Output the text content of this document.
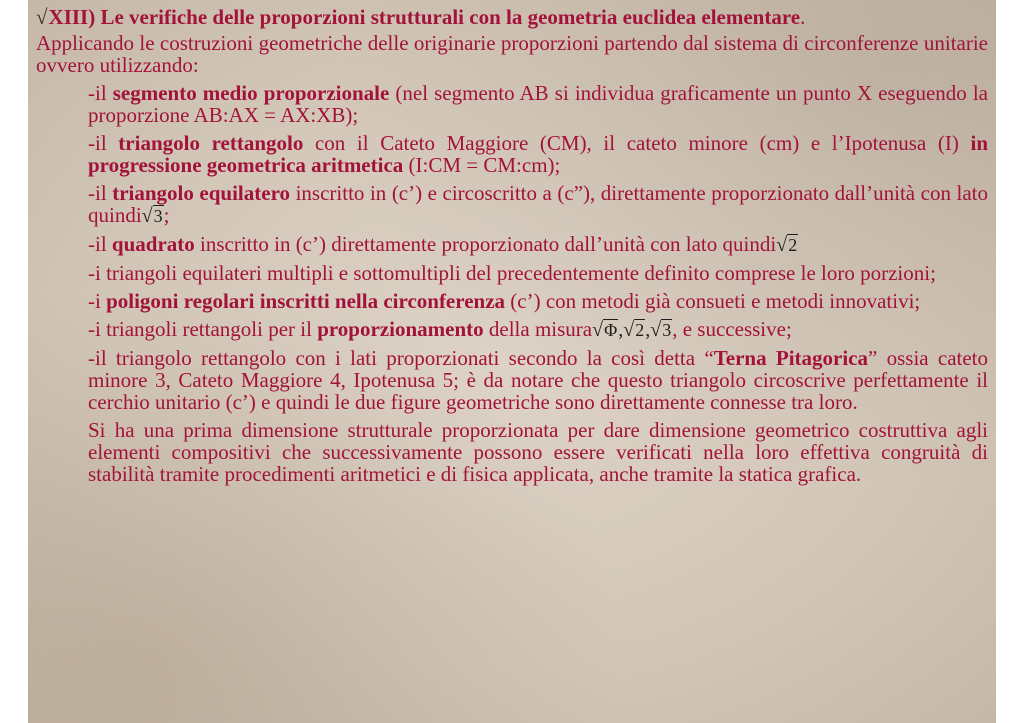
√XIII) Le verifiche delle proporzioni strutturali con la geometria euclidea elementare.

Applicando le costruzioni geometriche delle originarie proporzioni partendo dal sistema di circonferenze unitarie ovvero utilizzando:

-il segmento medio proporzionale (nel segmento AB si individua graficamente un punto X eseguendo la proporzione AB:AX = AX:XB);

-il triangolo rettangolo con il Cateto Maggiore (CM), il cateto minore (cm) e l’Ipotenusa (I) in progressione geometrica aritmetica (I:CM = CM:cm);

-il triangolo equilatero inscritto in (c’) e circoscritto a (c”), direttamente proporzionato dall’unità con lato quindi√3;

-il quadrato inscritto in (c’) direttamente proporzionato dall’unità con lato quindi√2

-i triangoli equilateri multipli e sottomultipli del precedentemente definito comprese le loro porzioni;

-i poligoni regolari inscritti nella circonferenza (c’) con metodi già consueti e metodi innovativi;

-i triangoli rettangoli per il proporzionamento della misura√Φ,√2,√3, e successive;

-il triangolo rettangolo con i lati proporzionati secondo la così detta “Terna Pitagorica” ossia cateto minore 3, Cateto Maggiore 4, Ipotenusa 5; è da notare che questo triangolo circoscrive perfettamente il cerchio unitario (c’) e quindi le due figure geometriche sono direttamente connesse tra loro.

Si ha una prima dimensione strutturale proporzionata per dare dimensione geometrico costruttiva agli elementi compositivi che successivamente possono essere verificati nella loro effettiva congruità di stabilità tramite procedimenti aritmetici e di fisica applicata, anche tramite la statica grafica.
